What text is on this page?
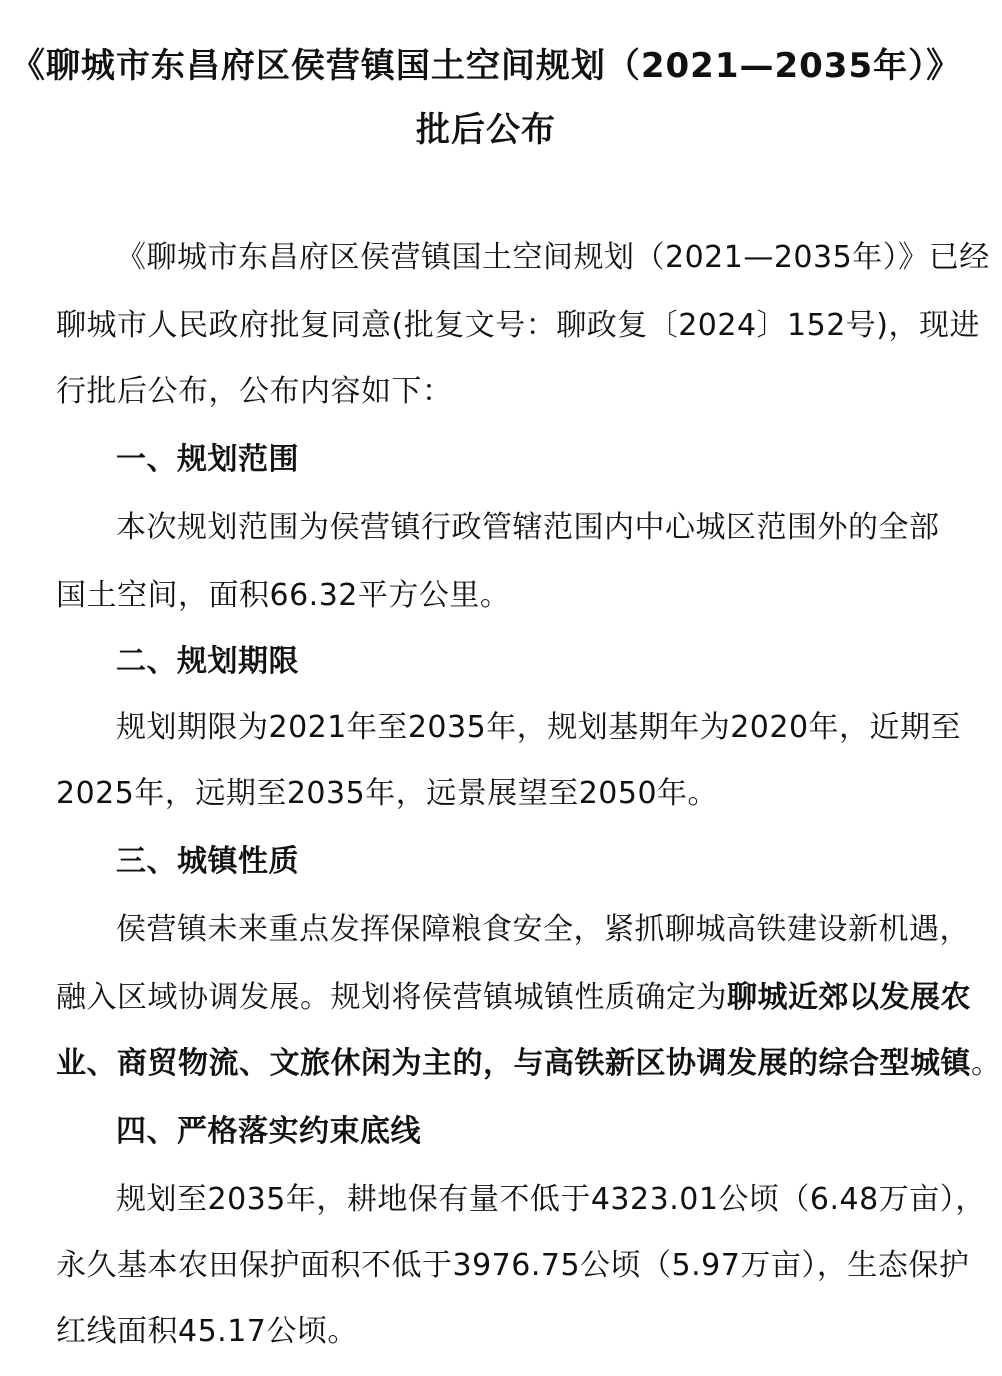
《聊城市东昌府区侯营镇国土空间规划（2021—2035年）》
批后公布
《聊城市东昌府区侯营镇国土空间规划（2021—2035年）》已经
聊城市人民政府批复同意(批复文号：聊政复〔2024〕152号)，现进
行批后公布，公布内容如下：
一、规划范围
本次规划范围为侯营镇行政管辖范围内中心城区范围外的全部
国土空间，面积66.32平方公里。
二、规划期限
规划期限为2021年至2035年，规划基期年为2020年，近期至
2025年，远期至2035年，远景展望至2050年。
三、城镇性质
侯营镇未来重点发挥保障粮食安全，紧抓聊城高铁建设新机遇，
融入区域协调发展。规划将侯营镇城镇性质确定为聊城近郊以发展农
业、商贸物流、文旅休闲为主的，与高铁新区协调发展的综合型城镇。
四、严格落实约束底线
规划至2035年，耕地保有量不低于4323.01公顷（6.48万亩），
永久基本农田保护面积不低于3976.75公顷（5.97万亩），生态保护
红线面积45.17公顷。
